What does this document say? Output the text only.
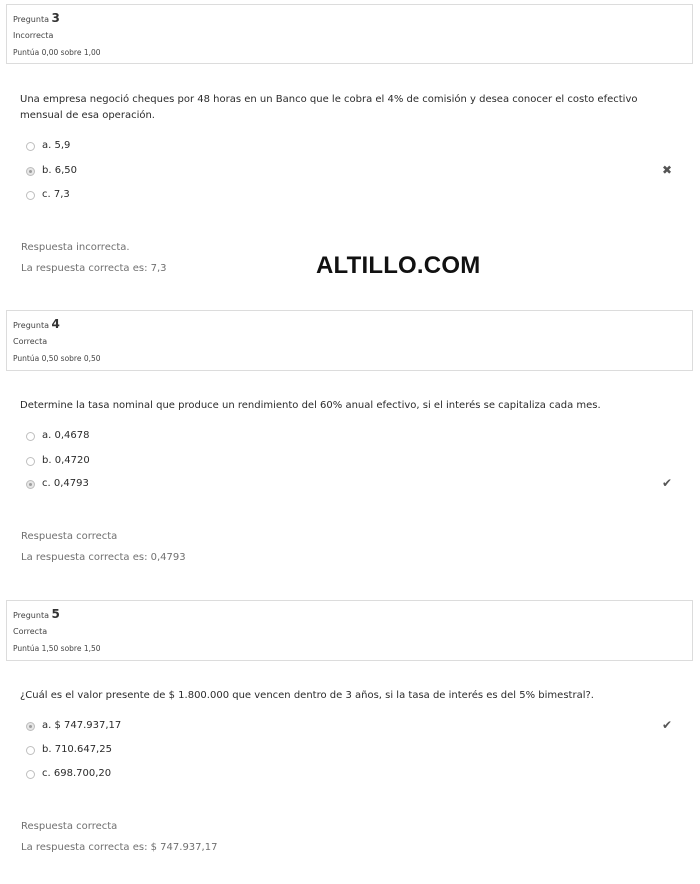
Pregunta 3
Incorrecta
Puntúa 0,00 sobre 1,00
Una empresa negoció cheques por 48 horas en un Banco que le cobra el 4% de comisión y desea conocer el costo efectivo mensual de esa operación.
a. 5,9
b. 6,50
c. 7,3
✖
Respuesta incorrecta.
La respuesta correcta es: 7,3	ALTILLO.COM
Pregunta 4
Correcta
Puntúa 0,50 sobre 0,50
Determine la tasa nominal que produce un rendimiento del 60% anual efectivo, si el interés se capitaliza cada mes.
a. 0,4678
b. 0,4720
c. 0,4793	✔
Respuesta correcta
La respuesta correcta es: 0,4793
Pregunta 5
Correcta
Puntúa 1,50 sobre 1,50
¿Cuál es el valor presente de $ 1.800.000 que vencen dentro de 3 años, si la tasa de interés es del 5% bimestral?.
a. $ 747.937,17
b. 710.647,25
c. 698.700,20
✔
Respuesta correcta
La respuesta correcta es: $ 747.937,17
